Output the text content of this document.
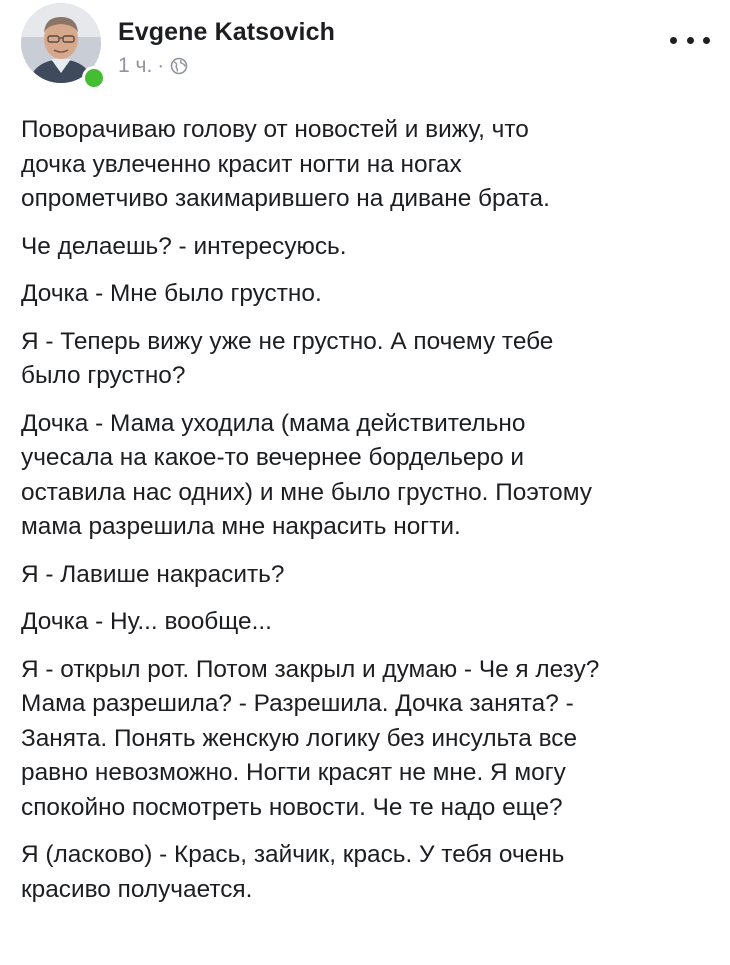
Evgene Katsovich
1 ч. ·

Поворачиваю голову от новостей и вижу, что
дочка увлеченно красит ногти на ногах
опрометчиво закимарившего на диване брата.

Че делаешь? - интересуюсь.

Дочка - Мне было грустно.

Я - Теперь вижу уже не грустно. А почему тебе
было грустно?

Дочка - Мама уходила (мама действительно
учесала на какое-то вечернее бордельеро и
оставила нас одних) и мне было грустно. Поэтому
мама разрешила мне накрасить ногти.

Я - Лавише накрасить?

Дочка - Ну... вообще...

Я - открыл рот. Потом закрыл и думаю - Че я лезу?
Мама разрешила? - Разрешила. Дочка занята? -
Занята. Понять женскую логику без инсульта все
равно невозможно. Ногти красят не мне. Я могу
спокойно посмотреть новости. Че те надо еще?

Я (ласково) - Крась, зайчик, крась. У тебя очень
красиво получается.
